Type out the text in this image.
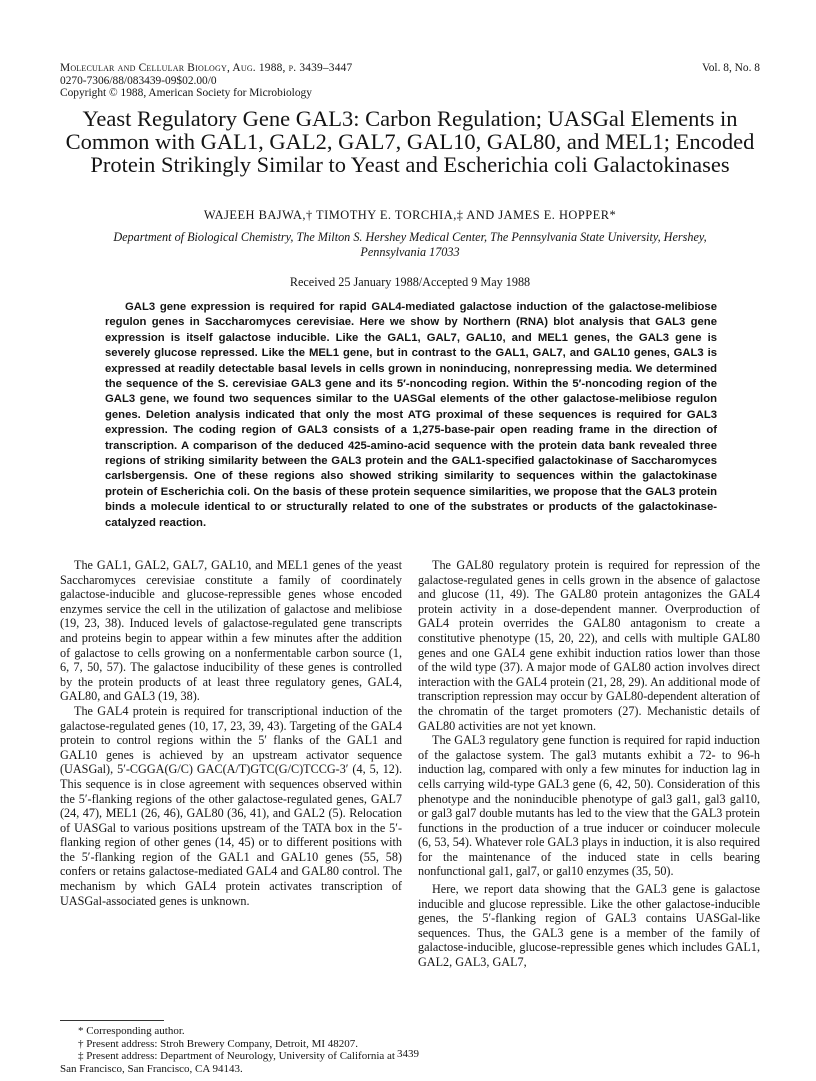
Molecular and Cellular Biology, Aug. 1988, p. 3439–3447
0270-7306/88/083439-09$02.00/0
Copyright © 1988, American Society for Microbiology
Vol. 8, No. 8
Yeast Regulatory Gene GAL3: Carbon Regulation; UASGal Elements in Common with GAL1, GAL2, GAL7, GAL10, GAL80, and MEL1; Encoded Protein Strikingly Similar to Yeast and Escherichia coli Galactokinases
WAJEEH BAJWA,† TIMOTHY E. TORCHIA,‡ AND JAMES E. HOPPER*
Department of Biological Chemistry, The Milton S. Hershey Medical Center, The Pennsylvania State University, Hershey, Pennsylvania 17033
Received 25 January 1988/Accepted 9 May 1988
GAL3 gene expression is required for rapid GAL4-mediated galactose induction of the galactose-melibiose regulon genes in Saccharomyces cerevisiae. Here we show by Northern (RNA) blot analysis that GAL3 gene expression is itself galactose inducible. Like the GAL1, GAL7, GAL10, and MEL1 genes, the GAL3 gene is severely glucose repressed. Like the MEL1 gene, but in contrast to the GAL1, GAL7, and GAL10 genes, GAL3 is expressed at readily detectable basal levels in cells grown in noninducing, nonrepressing media. We determined the sequence of the S. cerevisiae GAL3 gene and its 5′-noncoding region. Within the 5′-noncoding region of the GAL3 gene, we found two sequences similar to the UASGal elements of the other galactose-melibiose regulon genes. Deletion analysis indicated that only the most ATG proximal of these sequences is required for GAL3 expression. The coding region of GAL3 consists of a 1,275-base-pair open reading frame in the direction of transcription. A comparison of the deduced 425-amino-acid sequence with the protein data bank revealed three regions of striking similarity between the GAL3 protein and the GAL1-specified galactokinase of Saccharomyces carlsbergensis. One of these regions also showed striking similarity to sequences within the galactokinase protein of Escherichia coli. On the basis of these protein sequence similarities, we propose that the GAL3 protein binds a molecule identical to or structurally related to one of the substrates or products of the galactokinase-catalyzed reaction.

The GAL1, GAL2, GAL7, GAL10, and MEL1 genes of the yeast Saccharomyces cerevisiae constitute a family of coordinately galactose-inducible and glucose-repressible genes whose encoded enzymes service the cell in the utilization of galactose and melibiose (19, 23, 38). Induced levels of galactose-regulated gene transcripts and proteins begin to appear within a few minutes after the addition of galactose to cells growing on a nonfermentable carbon source (1, 6, 7, 50, 57). The galactose inducibility of these genes is controlled by the protein products of at least three regulatory genes, GAL4, GAL80, and GAL3 (19, 38).

The GAL4 protein is required for transcriptional induction of the galactose-regulated genes (10, 17, 23, 39, 43). Targeting of the GAL4 protein to control regions within the 5′ flanks of the GAL1 and GAL10 genes is achieved by an upstream activator sequence (UASGal), 5′-CGGA(G/C) GAC(A/T)GTC(G/C)TCCG-3′ (4, 5, 12). This sequence is in close agreement with sequences observed within the 5′-flanking regions of the other galactose-regulated genes, GAL7 (24, 47), MEL1 (26, 46), GAL80 (36, 41), and GAL2 (5). Relocation of UASGal to various positions upstream of the TATA box in the 5′-flanking region of other genes (14, 45) or to different positions with the 5′-flanking region of the GAL1 and GAL10 genes (55, 58) confers or retains galactose-mediated GAL4 and GAL80 control. The mechanism by which GAL4 protein activates transcription of UASGal-associated genes is unknown.

The GAL80 regulatory protein is required for repression of the galactose-regulated genes in cells grown in the absence of galactose and glucose (11, 49). The GAL80 protein antagonizes the GAL4 protein activity in a dose-dependent manner. Overproduction of GAL4 protein overrides the GAL80 antagonism to create a constitutive phenotype (15, 20, 22), and cells with multiple GAL80 genes and one GAL4 gene exhibit induction ratios lower than those of the wild type (37). A major mode of GAL80 action involves direct interaction with the GAL4 protein (21, 28, 29). An additional mode of transcription repression may occur by GAL80-dependent alteration of the chromatin of the target promoters (27). Mechanistic details of GAL80 activities are not yet known.

The GAL3 regulatory gene function is required for rapid induction of the galactose system. The gal3 mutants exhibit a 72- to 96-h induction lag, compared with only a few minutes for induction lag in cells carrying wild-type GAL3 gene (6, 42, 50). Consideration of this phenotype and the noninducible phenotype of gal3 gal1, gal3 gal10, or gal3 gal7 double mutants has led to the view that the GAL3 protein functions in the production of a true inducer or coinducer molecule (6, 53, 54). Whatever role GAL3 plays in induction, it is also required for the maintenance of the induced state in cells bearing nonfunctional gal1, gal7, or gal10 enzymes (35, 50).

Here, we report data showing that the GAL3 gene is galactose inducible and glucose repressible. Like the other galactose-inducible genes, the 5′-flanking region of GAL3 contains UASGal-like sequences. Thus, the GAL3 gene is a member of the family of galactose-inducible, glucose-repressible genes which includes GAL1, GAL2, GAL3, GAL7,

* Corresponding author.
† Present address: Stroh Brewery Company, Detroit, MI 48207.
‡ Present address: Department of Neurology, University of California at San Francisco, San Francisco, CA 94143.
3439
